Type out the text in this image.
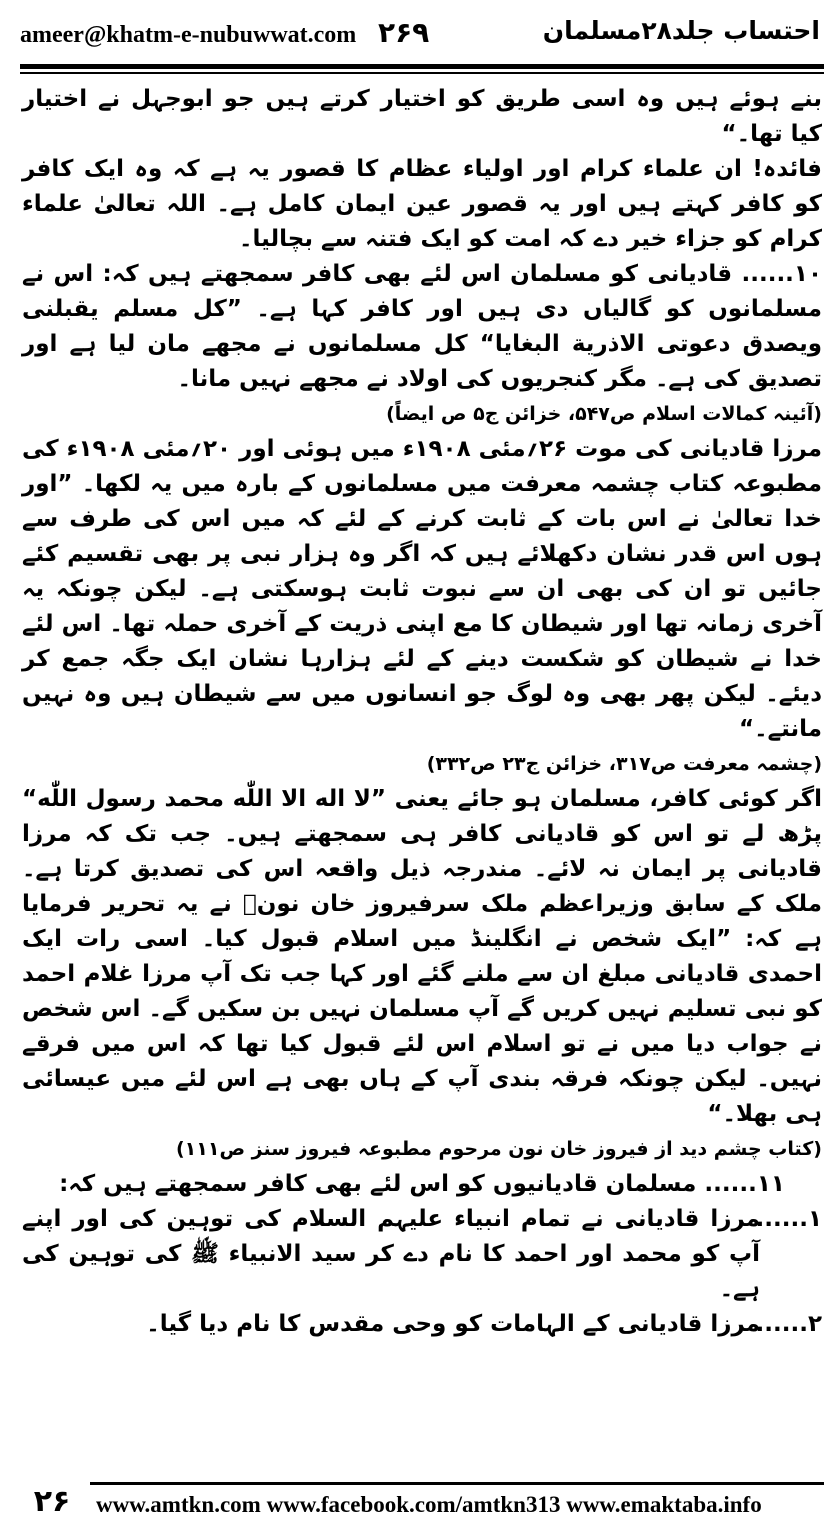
ameer@khatm-e-nubuwwat.com ۲۶۹	احتساب جلد۲۸مسلمان

بنے ہوئے ہیں وہ اسی طریق کو اختیار کرتے ہیں جو ابوجہل نے اختیار کیا تھا۔“

فائدہ! ان علماء کرام اور اولیاء عظام کا قصور یہ ہے کہ وہ ایک کافر کو کافر کہتے ہیں اور یہ قصور عین ایمان کامل ہے۔ اللہ تعالیٰ علماء کرام کو جزاء خیر دے کہ امت کو ایک فتنہ سے بچالیا۔

۱۰...... قادیانی کو مسلمان اس لئے بھی کافر سمجھتے ہیں کہ: اس نے مسلمانوں کو گالیاں دی ہیں اور کافر کہا ہے۔ ”کل مسلم یقبلنی ویصدق دعوتی الاذریة البغایا“ کل مسلمانوں نے مجھے مان لیا ہے اور تصدیق کی ہے۔ مگر کنجریوں کی اولاد نے مجھے نہیں مانا۔

(آئینہ کمالات اسلام ص۵۴۷، خزائن ج۵ ص ایضاً)

مرزا قادیانی کی موت ۲۶؍مئی ۱۹۰۸ء میں ہوئی اور ۲۰؍مئی ۱۹۰۸ء کی مطبوعہ کتاب چشمہ معرفت میں مسلمانوں کے بارہ میں یہ لکھا۔ ”اور خدا تعالیٰ نے اس بات کے ثابت کرنے کے لئے کہ میں اس کی طرف سے ہوں اس قدر نشان دکھلائے ہیں کہ اگر وہ ہزار نبی پر بھی تقسیم کئے جائیں تو ان کی بھی ان سے نبوت ثابت ہوسکتی ہے۔ لیکن چونکہ یہ آخری زمانہ تھا اور شیطان کا مع اپنی ذریت کے آخری حملہ تھا۔ اس لئے خدا نے شیطان کو شکست دینے کے لئے ہزارہا نشان ایک جگہ جمع کر دیئے۔ لیکن پھر بھی وہ لوگ جو انسانوں میں سے شیطان ہیں وہ نہیں مانتے۔“

(چشمہ معرفت ص۳۱۷، خزائن ج۲۳ ص۳۳۲)

اگر کوئی کافر، مسلمان ہو جائے یعنی ”لا اله الا اللّٰه محمد رسول اللّٰه“ پڑھ لے تو اس کو قادیانی کافر ہی سمجھتے ہیں۔ جب تک کہ مرزا قادیانی پر ایمان نہ لائے۔ مندرجہ ذیل واقعہ اس کی تصدیق کرتا ہے۔ ملک کے سابق وزیراعظم ملک سرفیروز خان نونؒ نے یہ تحریر فرمایا ہے کہ: ”ایک شخص نے انگلینڈ میں اسلام قبول کیا۔ اسی رات ایک احمدی قادیانی مبلغ ان سے ملنے گئے اور کہا جب تک آپ مرزا غلام احمد کو نبی تسلیم نہیں کریں گے آپ مسلمان نہیں بن سکیں گے۔ اس شخص نے جواب دیا میں نے تو اسلام اس لئے قبول کیا تھا کہ اس میں فرقے نہیں۔ لیکن چونکہ فرقہ بندی آپ کے ہاں بھی ہے اس لئے میں عیسائی ہی بھلا۔“

(کتاب چشم دید از فیروز خان نون مرحوم مطبوعہ فیروز سنز ص۱۱۱)

۱۱...... مسلمان قادیانیوں کو اس لئے بھی کافر سمجھتے ہیں کہ:

۱......
مرزا قادیانی نے تمام انبیاء علیہم السلام کی توہین کی اور اپنے آپ کو محمد اور احمد کا نام دے کر سید الانبیاء ﷺ کی توہین کی ہے۔
۲......
مرزا قادیانی کے الہامات کو وحی مقدس کا نام دیا گیا۔
۲۶	www.amtkn.com www.facebook.com/amtkn313 www.emaktaba.info
